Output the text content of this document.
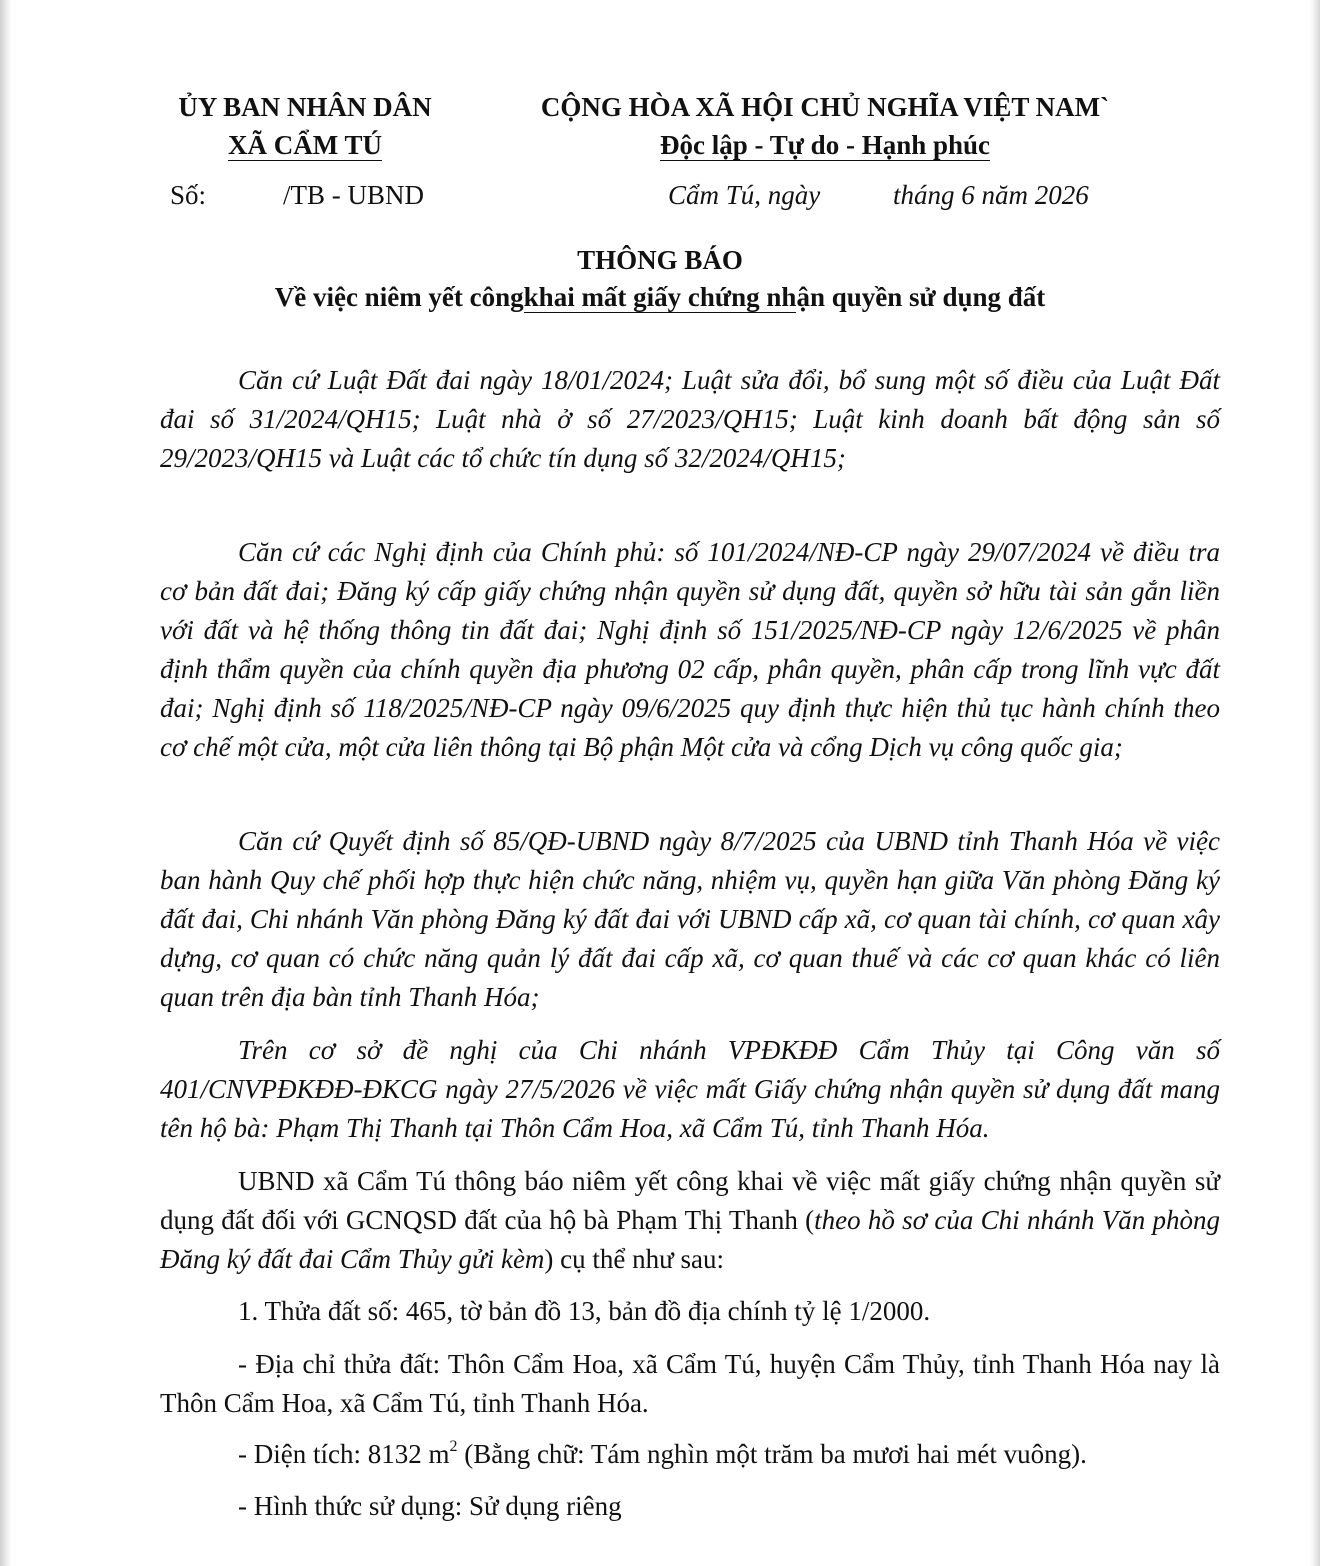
ỦY BAN NHÂN DÂN
XÃ CẨM TÚ
CỘNG HÒA XÃ HỘI CHỦ NGHĨA VIỆT NAM`
Độc lập - Tự do - Hạnh phúc
Số:	/TB - UBND	Cẩm Tú, ngày	tháng 6 năm 2026
THÔNG BÁO
Về việc niêm yết côngkhai mất giấy chứng nhận quyền sử dụng đất

Căn cứ Luật Đất đai ngày 18/01/2024; Luật sửa đổi, bổ sung một số điều của Luật Đất đai số 31/2024/QH15; Luật nhà ở số 27/2023/QH15; Luật kinh doanh bất động sản số 29/2023/QH15 và Luật các tổ chức tín dụng số 32/2024/QH15;

Căn cứ các Nghị định của Chính phủ: số 101/2024/NĐ-CP ngày 29/07/2024 về điều tra cơ bản đất đai; Đăng ký cấp giấy chứng nhận quyền sử dụng đất, quyền sở hữu tài sản gắn liền với đất và hệ thống thông tin đất đai; Nghị định số 151/2025/NĐ-CP ngày 12/6/2025 về phân định thẩm quyền của chính quyền địa phương 02 cấp, phân quyền, phân cấp trong lĩnh vực đất đai; Nghị định số 118/2025/NĐ-CP ngày 09/6/2025 quy định thực hiện thủ tục hành chính theo cơ chế một cửa, một cửa liên thông tại Bộ phận Một cửa và cổng Dịch vụ công quốc gia;

Căn cứ Quyết định số 85/QĐ-UBND ngày 8/7/2025 của UBND tỉnh Thanh Hóa về việc ban hành Quy chế phối hợp thực hiện chức năng, nhiệm vụ, quyền hạn giữa Văn phòng Đăng ký đất đai, Chi nhánh Văn phòng Đăng ký đất đai với UBND cấp xã, cơ quan tài chính, cơ quan xây dựng, cơ quan có chức năng quản lý đất đai cấp xã, cơ quan thuế và các cơ quan khác có liên quan trên địa bàn tỉnh Thanh Hóa;

Trên cơ sở đề nghị của Chi nhánh VPĐKĐĐ Cẩm Thủy tại Công văn số 401/CNVPĐKĐĐ-ĐKCG ngày 27/5/2026 về việc mất Giấy chứng nhận quyền sử dụng đất mang tên hộ bà: Phạm Thị Thanh tại Thôn Cẩm Hoa, xã Cẩm Tú, tỉnh Thanh Hóa.

UBND xã Cẩm Tú thông báo niêm yết công khai về việc mất giấy chứng nhận quyền sử dụng đất đối với GCNQSD đất của hộ bà Phạm Thị Thanh (theo hồ sơ của Chi nhánh Văn phòng Đăng ký đất đai Cẩm Thủy gửi kèm) cụ thể như sau:

1. Thửa đất số: 465, tờ bản đồ 13, bản đồ địa chính tỷ lệ 1/2000.

- Địa chỉ thửa đất: Thôn Cẩm Hoa, xã Cẩm Tú, huyện Cẩm Thủy, tỉnh Thanh Hóa nay là Thôn Cẩm Hoa, xã Cẩm Tú, tỉnh Thanh Hóa.

- Diện tích: 8132 $m^2$ (Bằng chữ: Tám nghìn một trăm ba mươi hai mét vuông).
- Hình thức sử dụng: Sử dụng riêng
